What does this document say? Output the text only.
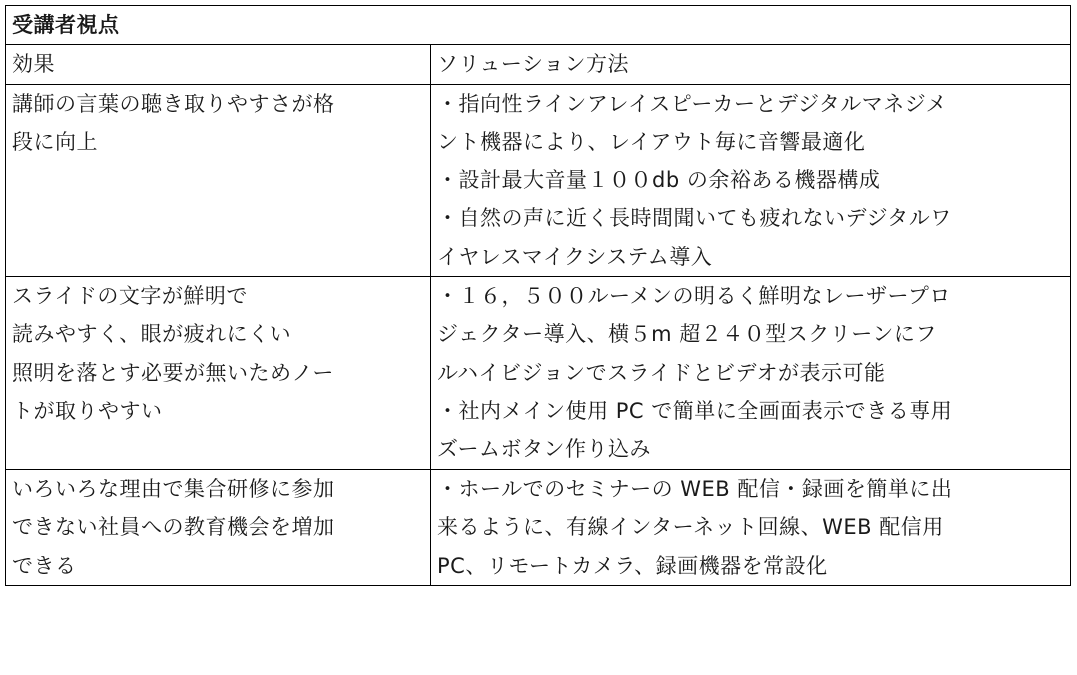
受講者視点	
効果	ソリューション方法

講師の言葉の聴き取りやすさが格
段に向上	・指向性ラインアレイスピーカーとデジタルマネジメ
ント機器により、レイアウト毎に音響最適化
・設計最大音量１００db の余裕ある機器構成
・自然の声に近く長時間聞いても疲れないデジタルワ
イヤレスマイクシステム導入

スライドの文字が鮮明で
読みやすく、眼が疲れにくい
照明を落とす必要が無いためノー
トが取りやすい	・１６，５００ルーメンの明るく鮮明なレーザープロ
ジェクター導入、横５m 超２４０型スクリーンにフ
ルハイビジョンでスライドとビデオが表示可能
・社内メイン使用 PC で簡単に全画面表示できる専用
ズームボタン作り込み

いろいろな理由で集合研修に参加
できない社員への教育機会を増加
できる	・ホールでのセミナーの WEB 配信・録画を簡単に出
来るように、有線インターネット回線、WEB 配信用
PC、リモートカメラ、録画機器を常設化
